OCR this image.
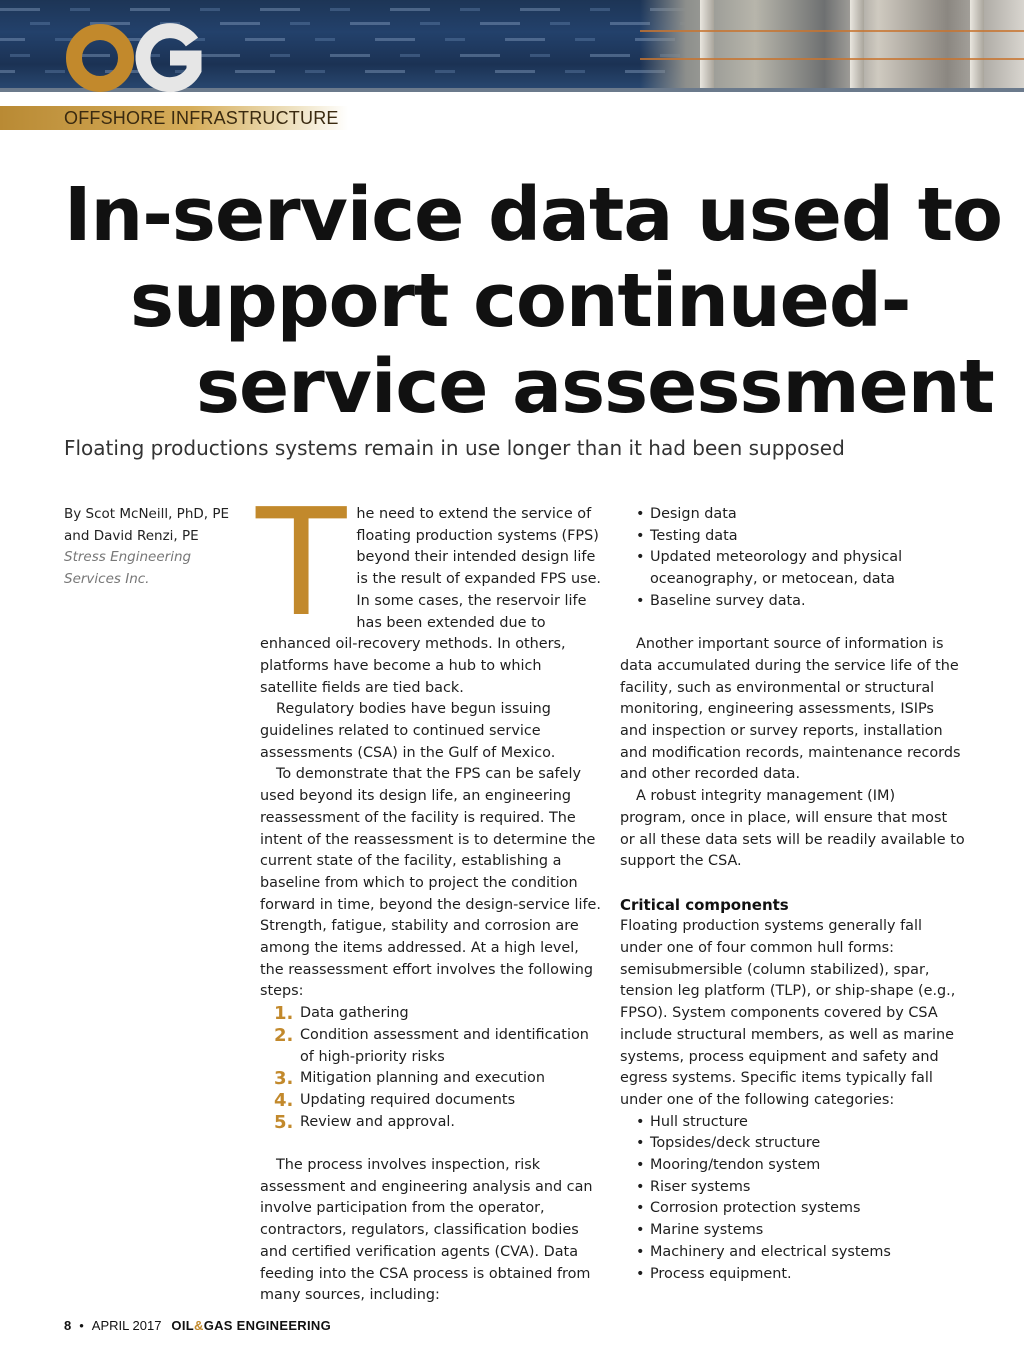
OFFSHORE INFRASTRUCTURE
In-service data used to
support continued-
service assessment
Floating productions systems remain in use longer than it had been supposed
By Scot McNeill, PhD, PE
and David Renzi, PE
Stress Engineering
Services Inc. The need to extend the service of floating production systems (FPS) beyond their intended design life is the result of expanded FPS use. In some cases, the reservoir life has been extended due to enhanced oil-recovery methods. In others, platforms have become a hub to which satellite fields are tied back.

Regulatory bodies have begun issuing guidelines related to continued service assessments (CSA) in the Gulf of Mexico.

To demonstrate that the FPS can be safely used beyond its design life, an engineering reassessment of the facility is required. The intent of the reassessment is to determine the current state of the facility, establishing a baseline from which to project the condition forward in time, beyond the design-service life. Strength, fatigue, stability and corrosion are among the items addressed. At a high level, the reassessment effort involves the following steps:

1. Data gathering
2. Condition assessment and identification of high-priority risks
3. Mitigation planning and execution
4. Updating required documents
5. Review and approval.

The process involves inspection, risk assessment and engineering analysis and can involve participation from the operator, contractors, regulators, classification bodies and certified verification agents (CVA). Data feeding into the CSA process is obtained from many sources, including:

• Design data
• Testing data
• Updated meteorology and physical oceanography, or metocean, data
• Baseline survey data.

Another important source of information is data accumulated during the service life of the facility, such as environmental or structural monitoring, engineering assessments, ISIPs and inspection or survey reports, installation and modification records, maintenance records and other recorded data.

A robust integrity management (IM) program, once in place, will ensure that most or all these data sets will be readily available to support the CSA.

Critical components

Floating production systems generally fall under one of four common hull forms: semisubmersible (column stabilized), spar, tension leg platform (TLP), or ship-shape (e.g., FPSO). System components covered by CSA include structural members, as well as marine systems, process equipment and safety and egress systems. Specific items typically fall under one of the following categories:

• Hull structure
• Topsides/deck structure
• Mooring/tendon system
• Riser systems
• Corrosion protection systems
• Marine systems
• Machinery and electrical systems
• Process equipment.
8 • APRIL 2017 OIL&GAS ENGINEERING
